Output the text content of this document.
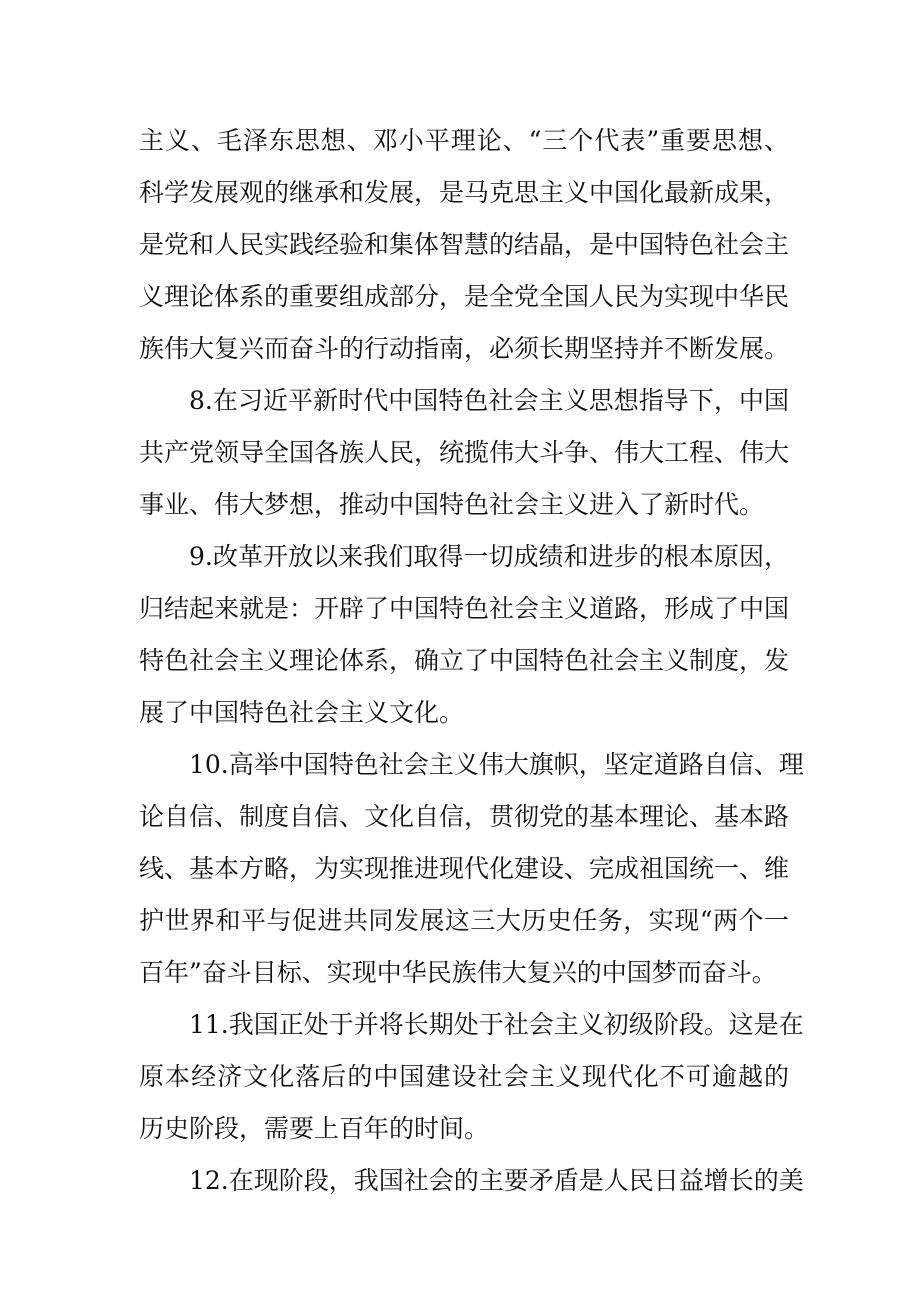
主义、毛泽东思想、邓小平理论、“三个代表”重要思想、
科学发展观的继承和发展，是马克思主义中国化最新成果，
是党和人民实践经验和集体智慧的结晶，是中国特色社会主
义理论体系的重要组成部分，是全党全国人民为实现中华民
族伟大复兴而奋斗的行动指南，必须长期坚持并不断发展。
8.在习近平新时代中国特色社会主义思想指导下，中国
共产党领导全国各族人民，统揽伟大斗争、伟大工程、伟大
事业、伟大梦想，推动中国特色社会主义进入了新时代。
9.改革开放以来我们取得一切成绩和进步的根本原因，
归结起来就是：开辟了中国特色社会主义道路，形成了中国
特色社会主义理论体系，确立了中国特色社会主义制度，发
展了中国特色社会主义文化。
10.高举中国特色社会主义伟大旗帜，坚定道路自信、理
论自信、制度自信、文化自信，贯彻党的基本理论、基本路
线、基本方略，为实现推进现代化建设、完成祖国统一、维
护世界和平与促进共同发展这三大历史任务，实现“两个一
百年”奋斗目标、实现中华民族伟大复兴的中国梦而奋斗。
11.我国正处于并将长期处于社会主义初级阶段。这是在
原本经济文化落后的中国建设社会主义现代化不可逾越的
历史阶段，需要上百年的时间。
12.在现阶段，我国社会的主要矛盾是人民日益增长的美
